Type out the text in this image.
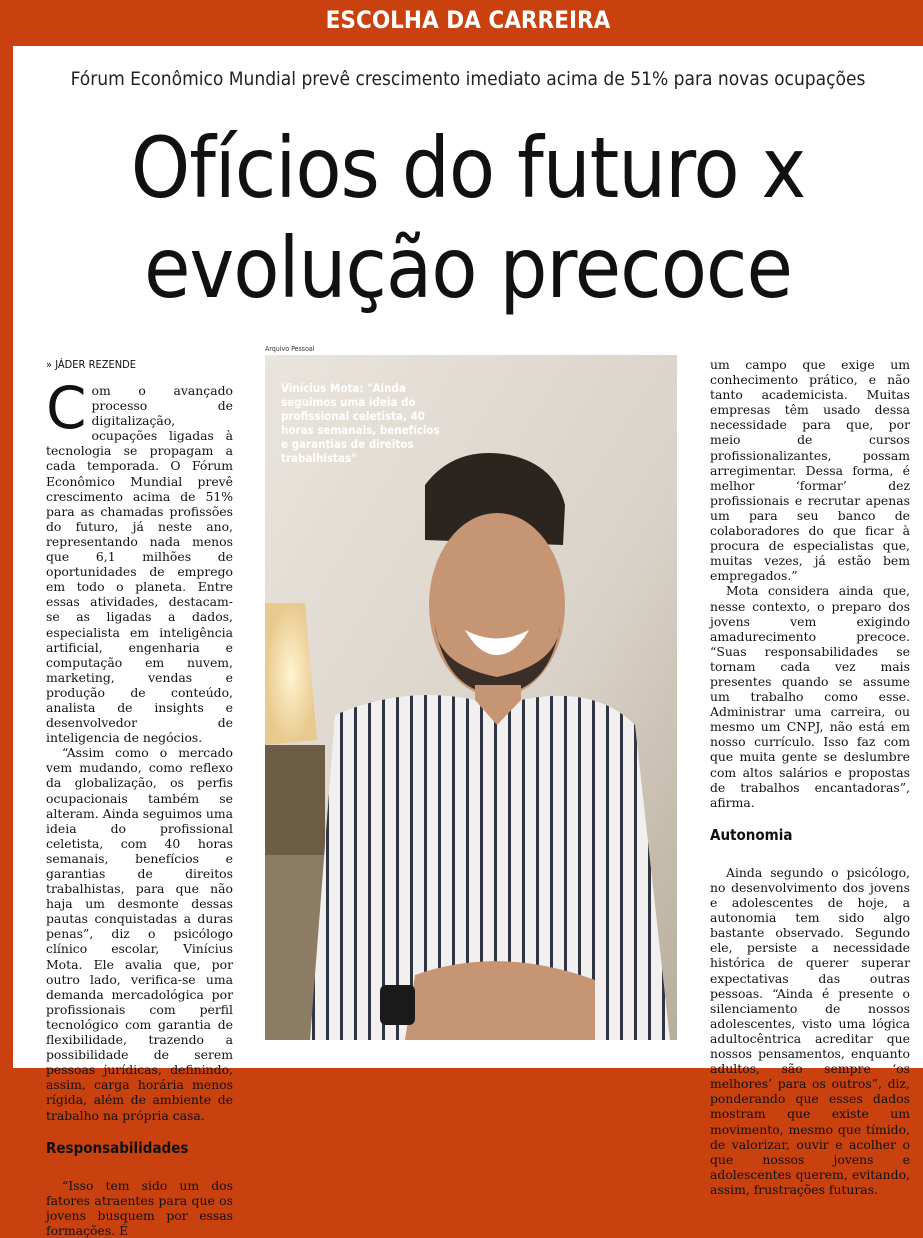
ESCOLHA DA CARREIRA
Fórum Econômico Mundial prevê crescimento imediato acima de 51% para novas ocupações
Ofícios do futuro x
evolução precoce
» JÁDER REZENDE

Com o avançado processo de digitalização, ocupações ligadas à tecnologia se propagam a cada temporada. O Fórum Econômico Mundial prevê crescimento acima de 51% para as chamadas profissões do futuro, já neste ano, representando nada menos que 6,1 milhões de oportunidades de emprego em todo o planeta. Entre essas atividades, destacam-se as ligadas a dados, especialista em inteligência artificial, engenharia e computação em nuvem, marketing, vendas e produção de conteúdo, analista de insights e desenvolvedor de inteligencia de negócios.

“Assim como o mercado vem mudando, como reflexo da globalização, os perfis ocupacionais também se alteram. Ainda seguimos uma ideia do profissional celetista, com 40 horas semanais, benefícios e garantias de direitos trabalhistas, para que não haja um desmonte dessas pautas conquistadas a duras penas”, diz o psicólogo clínico escolar, Vinícius Mota. Ele avalia que, por outro lado, verifica-se uma demanda mercadológica por profissionais com perfil tecnológico com garantia de flexibilidade, trazendo a possibilidade de serem pessoas jurídicas, definindo, assim, carga horária menos rígida, além de ambiente de trabalho na própria casa.

Responsabilidades

“Isso tem sido um dos fatores atraentes para que os jovens busquem por essas formações. É

Arquivo Pessoal
Vinícius Mota: "Ainda seguimos uma ideia do profissional celetista, 40 horas semanais, benefícios e garantias de direitos trabalhistas"

um campo que exige um conhecimento prático, e não tanto academicista. Muitas empresas têm usado dessa necessidade para que, por meio de cursos profissionalizantes, possam arregimentar. Dessa forma, é melhor ‘formar’ dez profissionais e recrutar apenas um para seu banco de colaboradores do que ficar à procura de especialistas que, muitas vezes, já estão bem empregados.”

Mota considera ainda que, nesse contexto, o preparo dos jovens vem exigindo amadurecimento precoce. “Suas responsabilidades se tornam cada vez mais presentes quando se assume um trabalho como esse. Administrar uma carreira, ou mesmo um CNPJ, não está em nosso currículo. Isso faz com que muita gente se deslumbre com altos salários e propostas de trabalhos encantadoras”, afirma.

Autonomia

Ainda segundo o psicólogo, no desenvolvimento dos jovens e adolescentes de hoje, a autonomia tem sido algo bastante observado. Segundo ele, persiste a necessidade histórica de querer superar expectativas das outras pessoas. “Ainda é presente o silenciamento de nossos adolescentes, visto uma lógica adultocêntrica acreditar que nossos pensamentos, enquanto adultos, são sempre ‘os melhores’ para os outros”, diz, ponderando que esses dados mostram que existe um movimento, mesmo que tímido, de valorizar, ouvir e acolher o que nossos jovens e adolescentes querem, evitando, assim, frustrações futuras.
